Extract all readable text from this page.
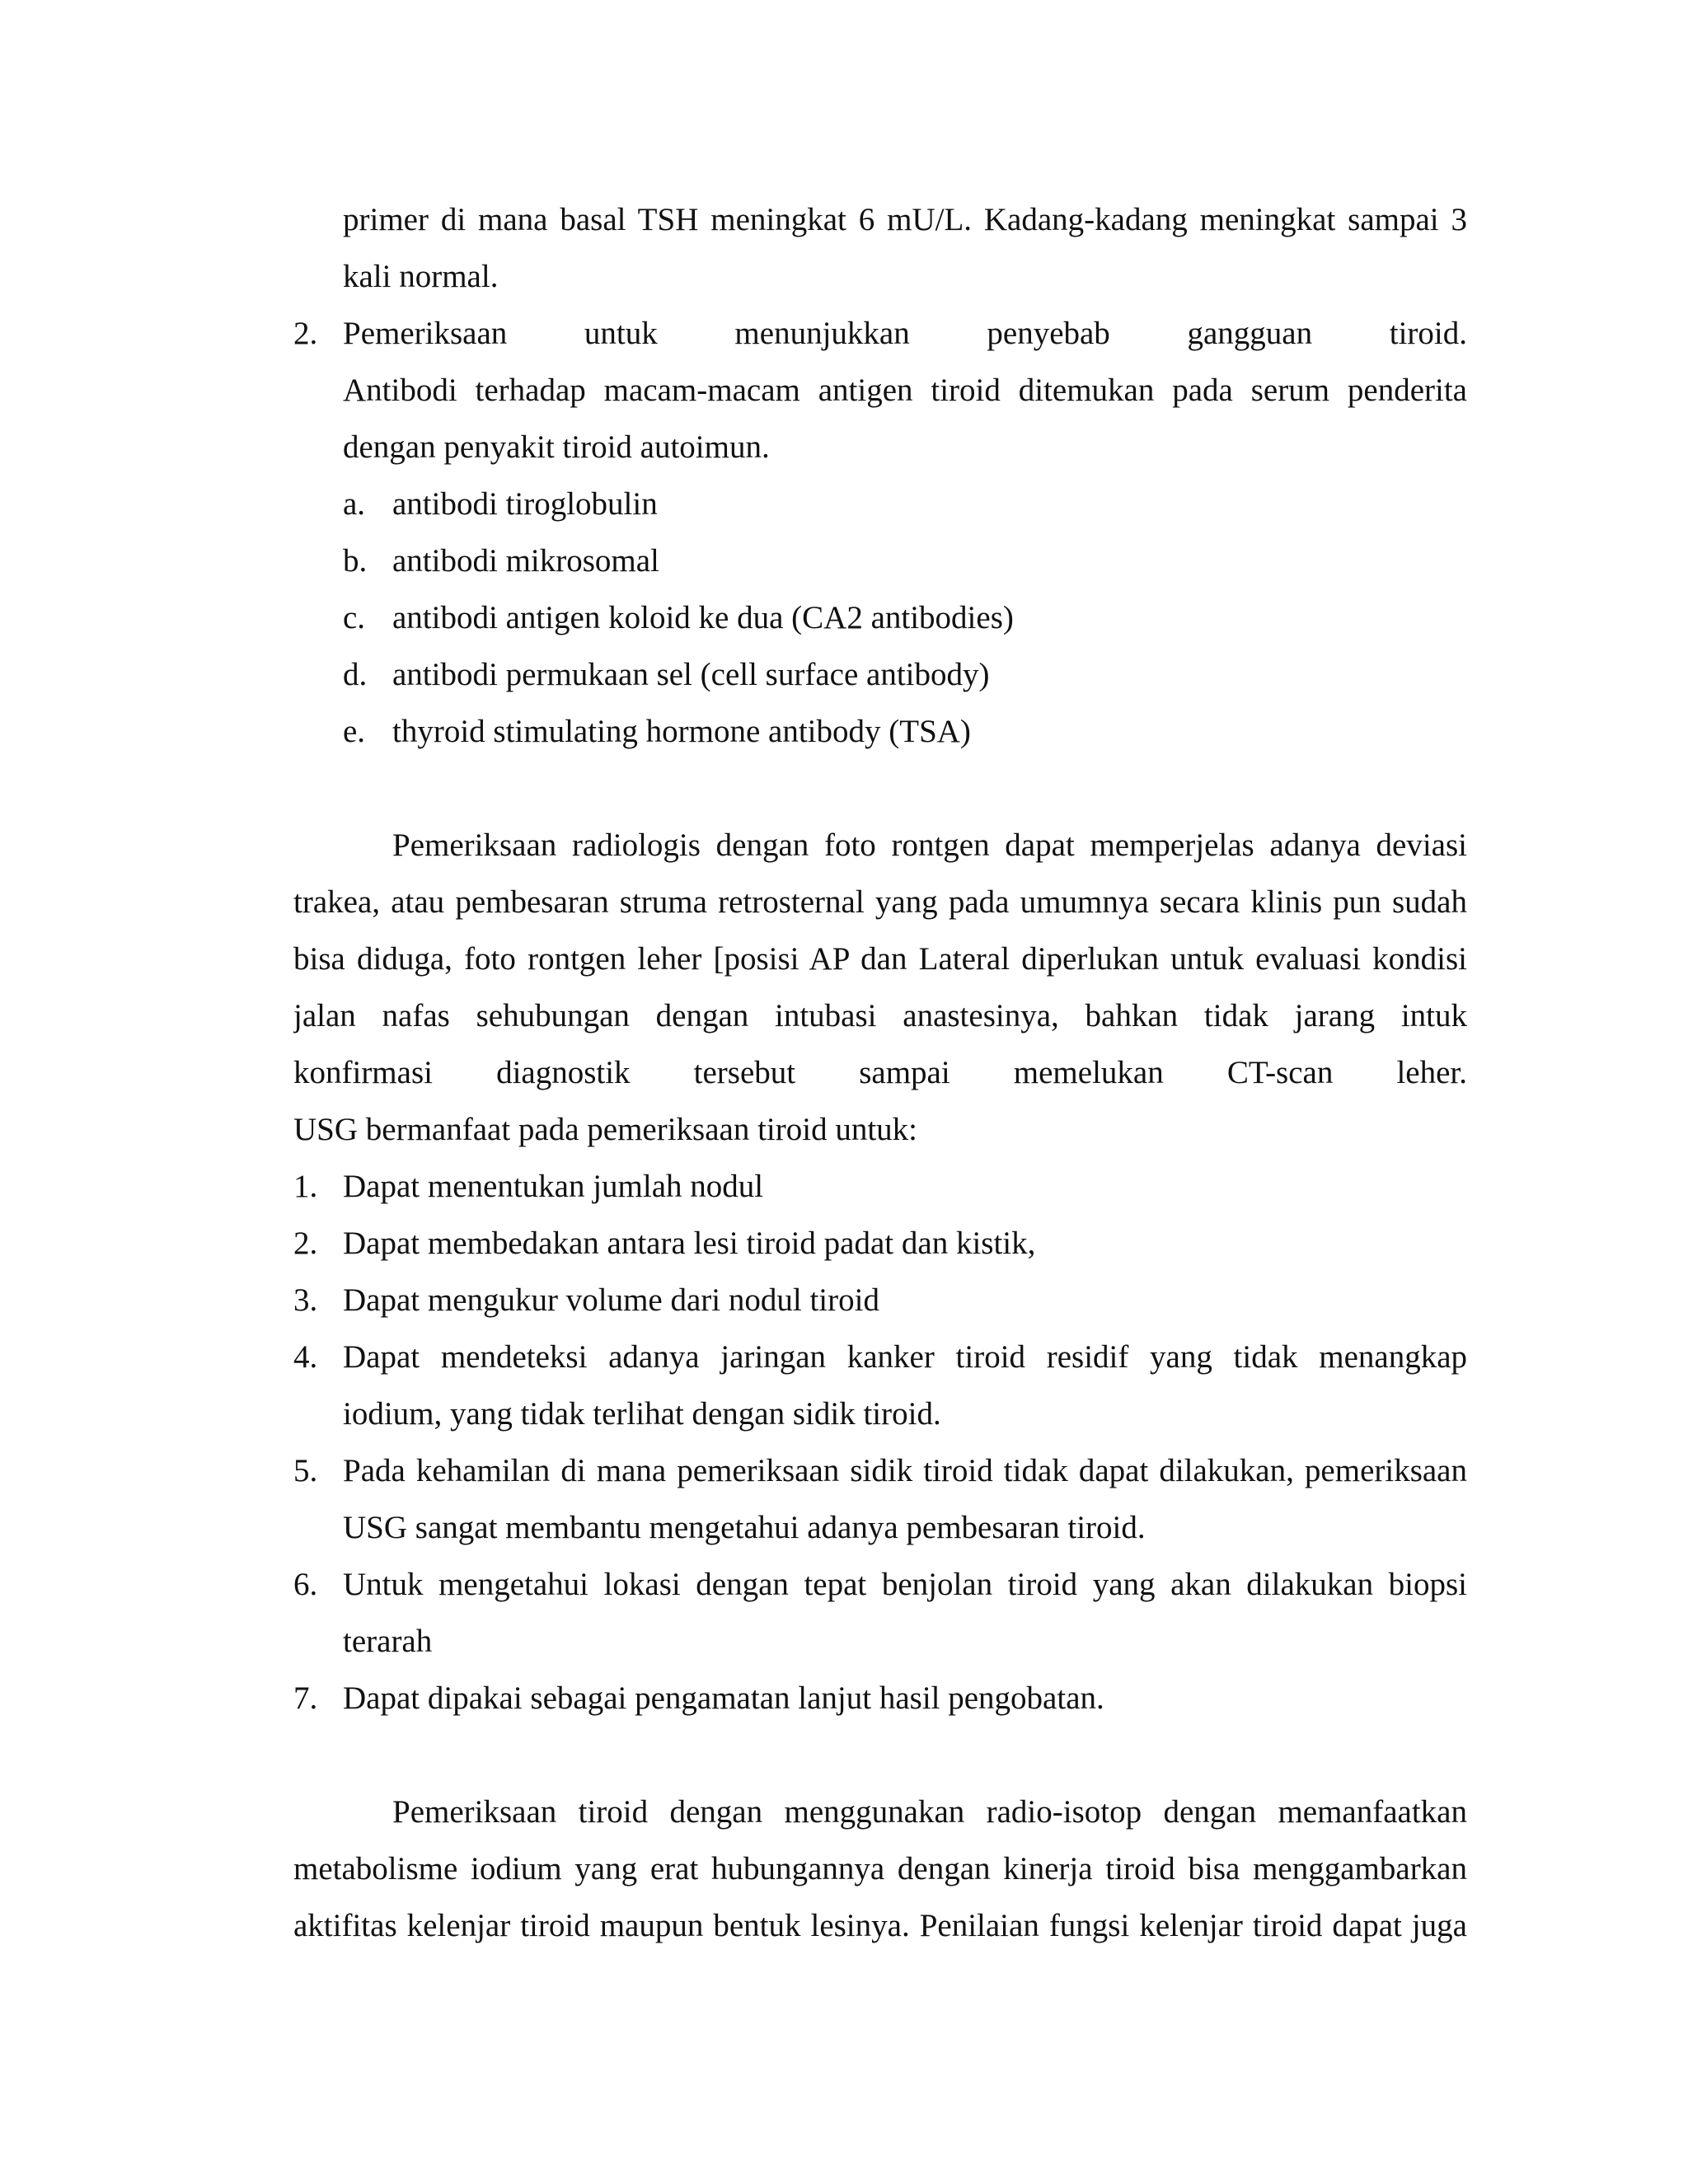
primer di mana basal TSH meningkat 6 mU/L. Kadang-kadang meningkat sampai 3
kali normal.
2. Pemeriksaan untuk menunjukkan penyebab gangguan tiroid.
Antibodi terhadap macam-macam antigen tiroid ditemukan pada serum penderita
dengan penyakit tiroid autoimun.
a. antibodi tiroglobulin
b. antibodi mikrosomal
c. antibodi antigen koloid ke dua (CA2 antibodies)
d. antibodi permukaan sel (cell surface antibody)
e. thyroid stimulating hormone antibody (TSA)
Pemeriksaan radiologis dengan foto rontgen dapat memperjelas adanya deviasi
trakea, atau pembesaran struma retrosternal yang pada umumnya secara klinis pun sudah
bisa diduga, foto rontgen leher [posisi AP dan Lateral diperlukan untuk evaluasi kondisi
jalan nafas sehubungan dengan intubasi anastesinya, bahkan tidak jarang intuk
konfirmasi diagnostik tersebut sampai memelukan CT-scan leher.
USG bermanfaat pada pemeriksaan tiroid untuk:
1. Dapat menentukan jumlah nodul
2. Dapat membedakan antara lesi tiroid padat dan kistik,
3. Dapat mengukur volume dari nodul tiroid
4. Dapat mendeteksi adanya jaringan kanker tiroid residif yang tidak menangkap
iodium, yang tidak terlihat dengan sidik tiroid.
5. Pada kehamilan di mana pemeriksaan sidik tiroid tidak dapat dilakukan, pemeriksaan
USG sangat membantu mengetahui adanya pembesaran tiroid.
6. Untuk mengetahui lokasi dengan tepat benjolan tiroid yang akan dilakukan biopsi
terarah
7. Dapat dipakai sebagai pengamatan lanjut hasil pengobatan.
Pemeriksaan tiroid dengan menggunakan radio-isotop dengan memanfaatkan
metabolisme iodium yang erat hubungannya dengan kinerja tiroid bisa menggambarkan
aktifitas kelenjar tiroid maupun bentuk lesinya. Penilaian fungsi kelenjar tiroid dapat juga
